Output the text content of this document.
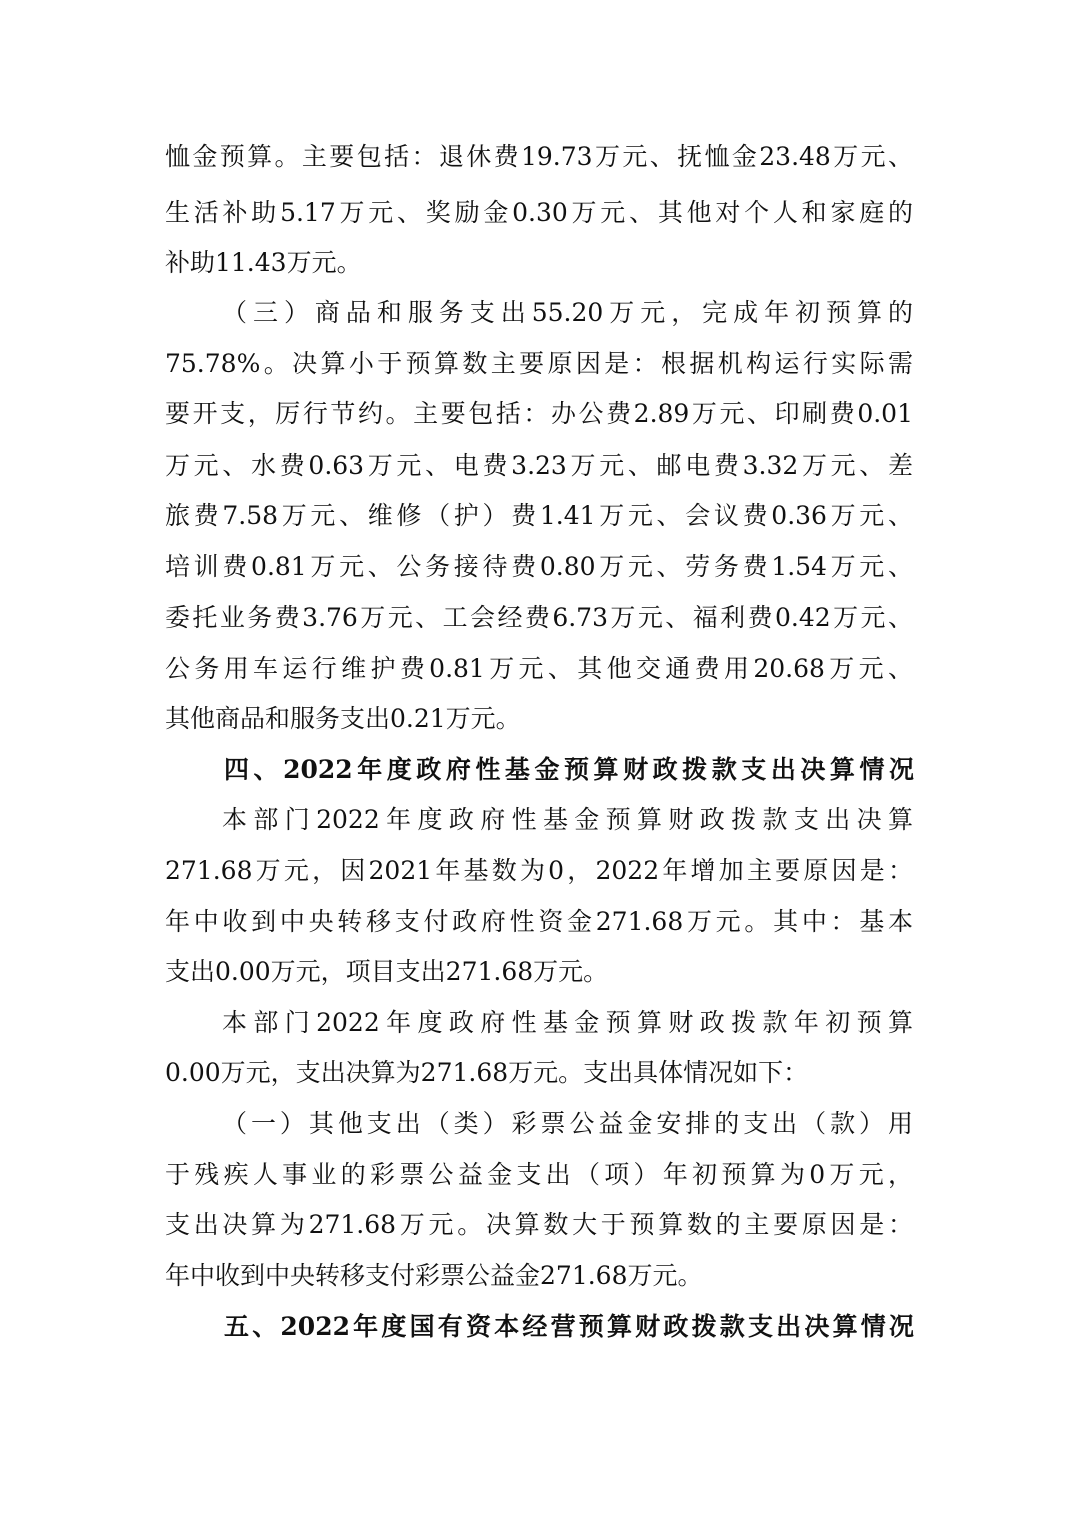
恤金预算。主要包括：退休费19.73万元、抚恤金23.48万元、
生活补助5.17万元、奖励金0.30万元、其他对个人和家庭的
补助11.43万元。
（三）商品和服务支出55.20万元，完成年初预算的
75.78%。决算小于预算数主要原因是：根据机构运行实际需
要开支，厉行节约。主要包括：办公费2.89万元、印刷费0.01
万元、水费0.63万元、电费3.23万元、邮电费3.32万元、差
旅费7.58万元、维修（护）费1.41万元、会议费0.36万元、
培训费0.81万元、公务接待费0.80万元、劳务费1.54万元、
委托业务费3.76万元、工会经费6.73万元、福利费0.42万元、
公务用车运行维护费0.81万元、其他交通费用20.68万元、
其他商品和服务支出0.21万元。
四、2022年度政府性基金预算财政拨款支出决算情况
本部门2022年度政府性基金预算财政拨款支出决算
271.68万元，因2021年基数为0，2022年增加主要原因是：
年中收到中央转移支付政府性资金271.68万元。其中：基本
支出0.00万元，项目支出271.68万元。
本部门2022年度政府性基金预算财政拨款年初预算
0.00万元，支出决算为271.68万元。支出具体情况如下：
（一）其他支出（类）彩票公益金安排的支出（款）用
于残疾人事业的彩票公益金支出（项）年初预算为0万元，
支出决算为271.68万元。决算数大于预算数的主要原因是：
年中收到中央转移支付彩票公益金271.68万元。
五、2022年度国有资本经营预算财政拨款支出决算情况
